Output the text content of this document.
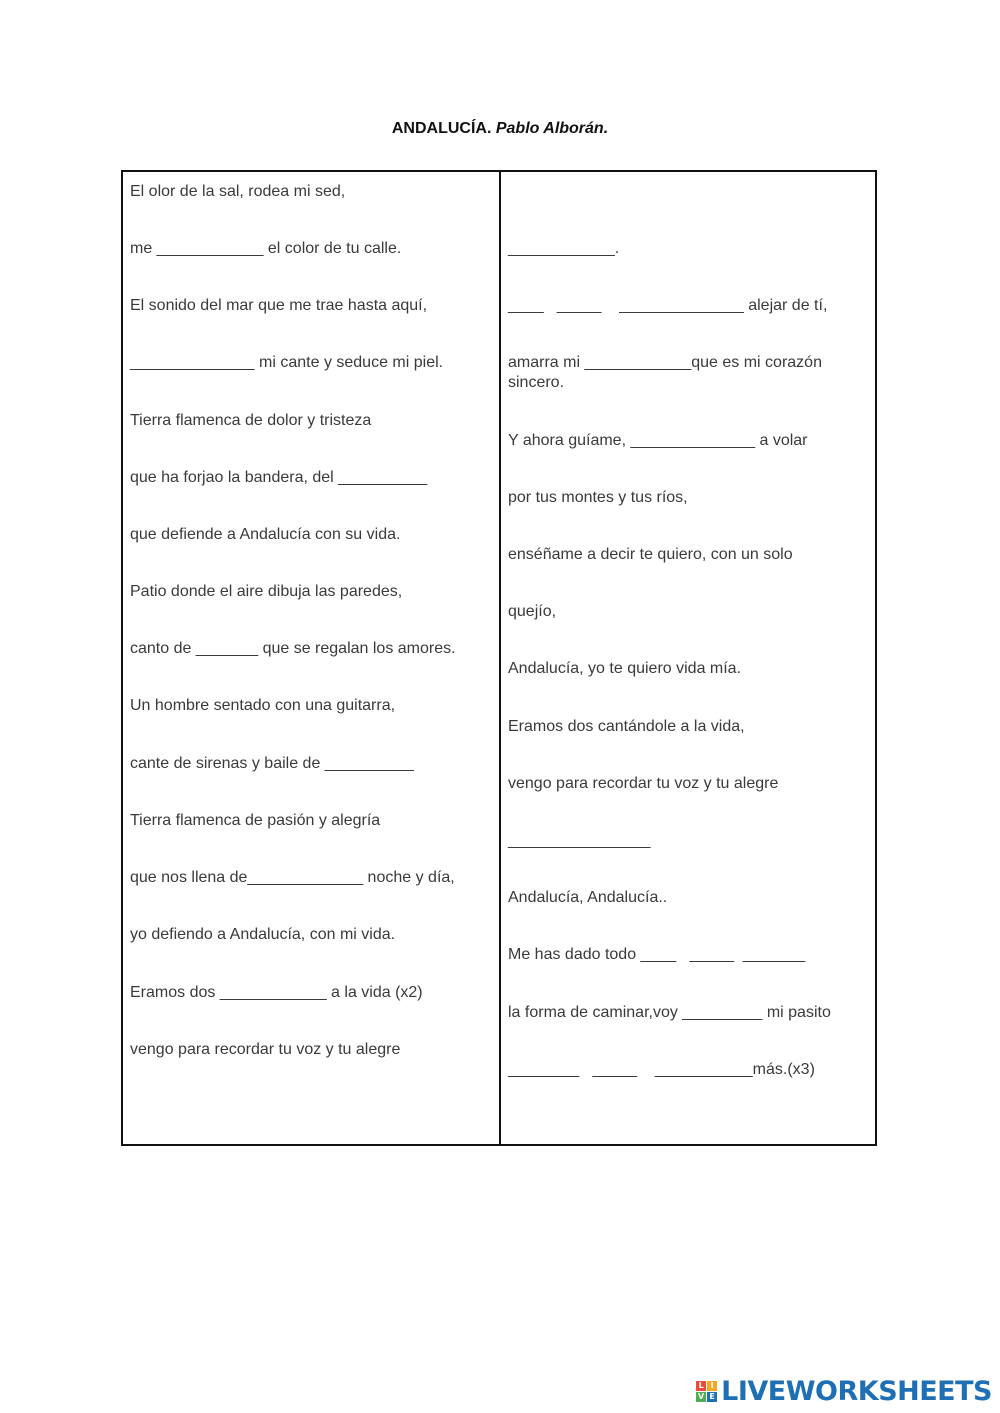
ANDALUCÍA. Pablo Alborán.
El olor de la sal, rodea mi sed,
me ____________ el color de tu calle.
El sonido del mar que me trae hasta aquí,
______________ mi cante y seduce mi piel.
Tierra flamenca de dolor y tristeza
que ha forjao la bandera, del __________
que defiende a Andalucía con su vida.
Patio donde el aire dibuja las paredes,
canto de _______ que se regalan los amores.
Un hombre sentado con una guitarra,
cante de sirenas y baile de __________
Tierra flamenca de pasión y alegría
que nos llena de_____________ noche y día,
yo defiendo a Andalucía, con mi vida.
Eramos dos ____________ a la vida (x2)
vengo para recordar tu voz y tu alegre
____________.
____   _____    ______________ alejar de tí,
amarra mi ____________que es mi corazón sincero.
Y ahora guíame, ______________ a volar
por tus montes y tus ríos,
enséñame a decir te quiero, con un solo
quejío,
Andalucía, yo te quiero vida mía.
Eramos dos cantándole a la vida,
vengo para recordar tu voz y tu alegre
________________
Andalucía, Andalucía..
Me has dado todo ____   _____  _______
la forma de caminar,voy _________ mi pasito
________   _____    ___________más.(x3)
L I
V E LIVEWORKSHEETS
